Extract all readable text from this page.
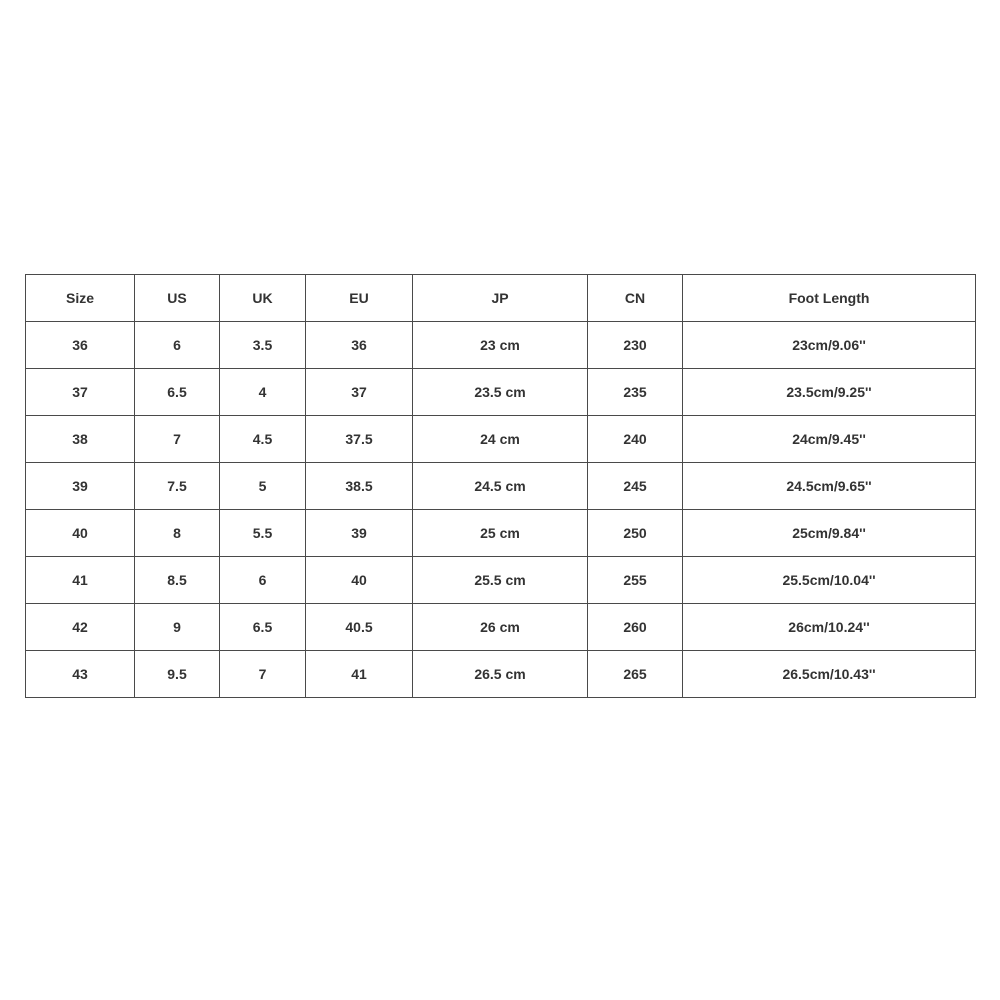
Size	US	UK	EU	JP	CN	Foot Length
36	6	3.5	36	23 cm	230	23cm/9.06''
37	6.5	4	37	23.5 cm	235	23.5cm/9.25''
38	7	4.5	37.5	24 cm	240	24cm/9.45''
39	7.5	5	38.5	24.5 cm	245	24.5cm/9.65''
40	8	5.5	39	25 cm	250	25cm/9.84''
41	8.5	6	40	25.5 cm	255	25.5cm/10.04''
42	9	6.5	40.5	26 cm	260	26cm/10.24''
43	9.5	7	41	26.5 cm	265	26.5cm/10.43''
